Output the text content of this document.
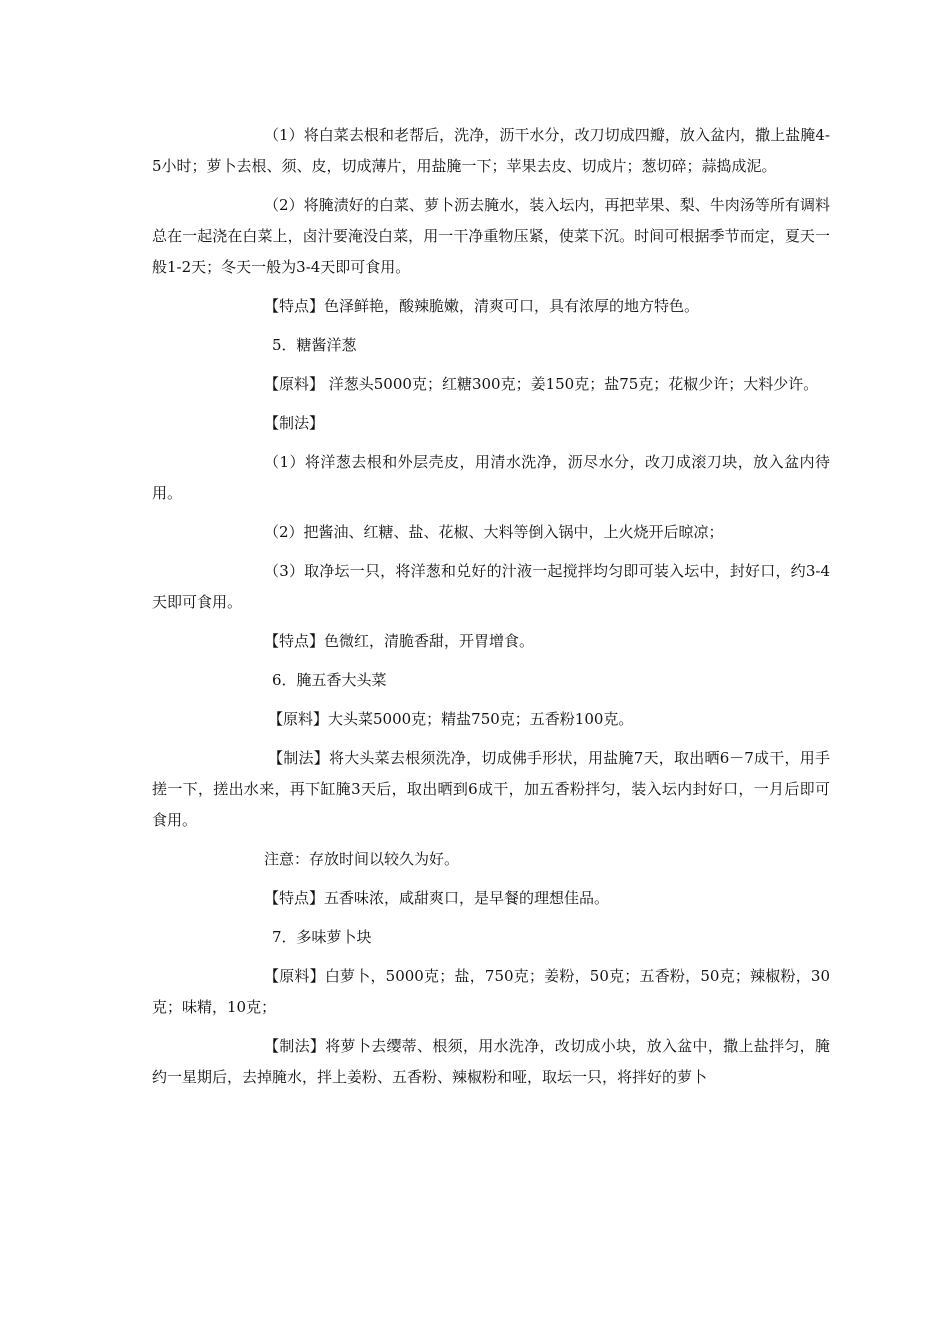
（1）将白菜去根和老帮后，洗净，沥干水分，改刀切成四瓣，放入盆内，撒上盐腌4-5小时；萝卜去根、须、皮，切成薄片，用盐腌一下；苹果去皮、切成片；葱切碎；蒜捣成泥。

（2）将腌渍好的白菜、萝卜沥去腌水，装入坛内，再把苹果、梨、牛肉汤等所有调料总在一起浇在白菜上，卤汁要淹没白菜，用一干净重物压紧，使菜下沉。时间可根据季节而定，夏天一般1-2天；冬天一般为3-4天即可食用。

【特点】色泽鲜艳，酸辣脆嫩，清爽可口，具有浓厚的地方特色。

5．糖酱洋葱

【原料】 洋葱头5000克；红糖300克；姜150克；盐75克；花椒少许；大料少许。

【制法】

（1）将洋葱去根和外层壳皮，用清水洗净，沥尽水分，改刀成滚刀块，放入盆内待用。

（2）把酱油、红糖、盐、花椒、大料等倒入锅中，上火烧开后晾凉；

（3）取净坛一只，将洋葱和兑好的汁液一起搅拌均匀即可装入坛中，封好口，约3-4天即可食用。

【特点】色微红，清脆香甜，开胃增食。

6．腌五香大头菜

【原料】大头菜5000克；精盐750克；五香粉100克。

【制法】将大头菜去根须洗净，切成佛手形状，用盐腌7天，取出晒6－7成干，用手搓一下，搓出水来，再下缸腌3天后，取出晒到6成干，加五香粉拌匀，装入坛内封好口，一月后即可食用。

注意：存放时间以较久为好。

【特点】五香味浓，咸甜爽口，是早餐的理想佳品。

7．多味萝卜块

【原料】白萝卜，5000克；盐，750克；姜粉，50克；五香粉，50克；辣椒粉，30克；味精，10克；

【制法】将萝卜去缨蒂、根须，用水洗净，改切成小块，放入盆中，撒上盐拌匀，腌约一星期后，去掉腌水，拌上姜粉、五香粉、辣椒粉和哑，取坛一只，将拌好的萝卜
